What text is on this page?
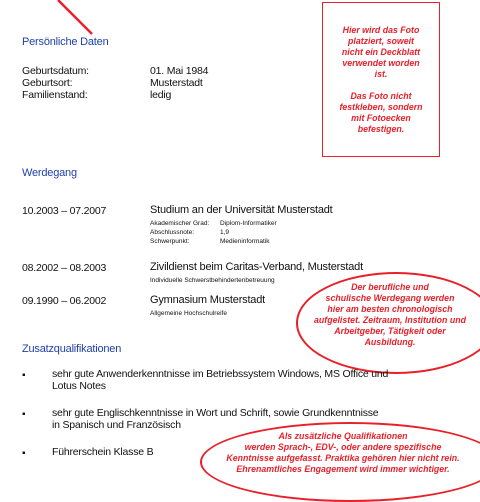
Persönliche Daten
Geburtsdatum:	01. Mai 1984
Geburtsort:	Musterstadt
Familienstand:	ledig
Hier wird das Foto
platziert, soweit
nicht ein Deckblatt
verwendet worden
ist.
Das Foto nicht
festkleben, sondern
mit Fotoecken
befestigen.
Werdegang
10.2003 – 07.2007	Studium an der Universität Musterstadt
Akademischer Grad: Diplom-Informatiker
Abschlussnote:	1,9
Schwerpunkt:	Medieninformatik
08.2002 – 08.2003	Zivildienst beim Caritas-Verband, Musterstadt
Individuelle Schwerstbehindertenbetreuung
09.1990 – 06.2002	Gymnasium Musterstadt
Allgemeine Hochschulreife
Der berufliche und
schulische Werdegang werden
hier am besten chronologisch
aufgelistet. Zeitraum, Institution und
Arbeitgeber, Tätigkeit oder
Ausbildung.
Zusatzqualifikationen
▪	sehr gute Anwenderkenntnisse im Betriebssystem Windows, MS Office und
Lotus Notes
▪	sehr gute Englischkenntnisse in Wort und Schrift, sowie Grundkenntnisse
in Spanisch und Französisch
▪	Führerschein Klasse B
Als zusätzliche Qualifikationen
werden Sprach-, EDV-, oder andere spezifische
Kenntnisse aufgefasst. Praktika gehören hier nicht rein.
Ehrenamtliches Engagement wird immer wichtiger.
